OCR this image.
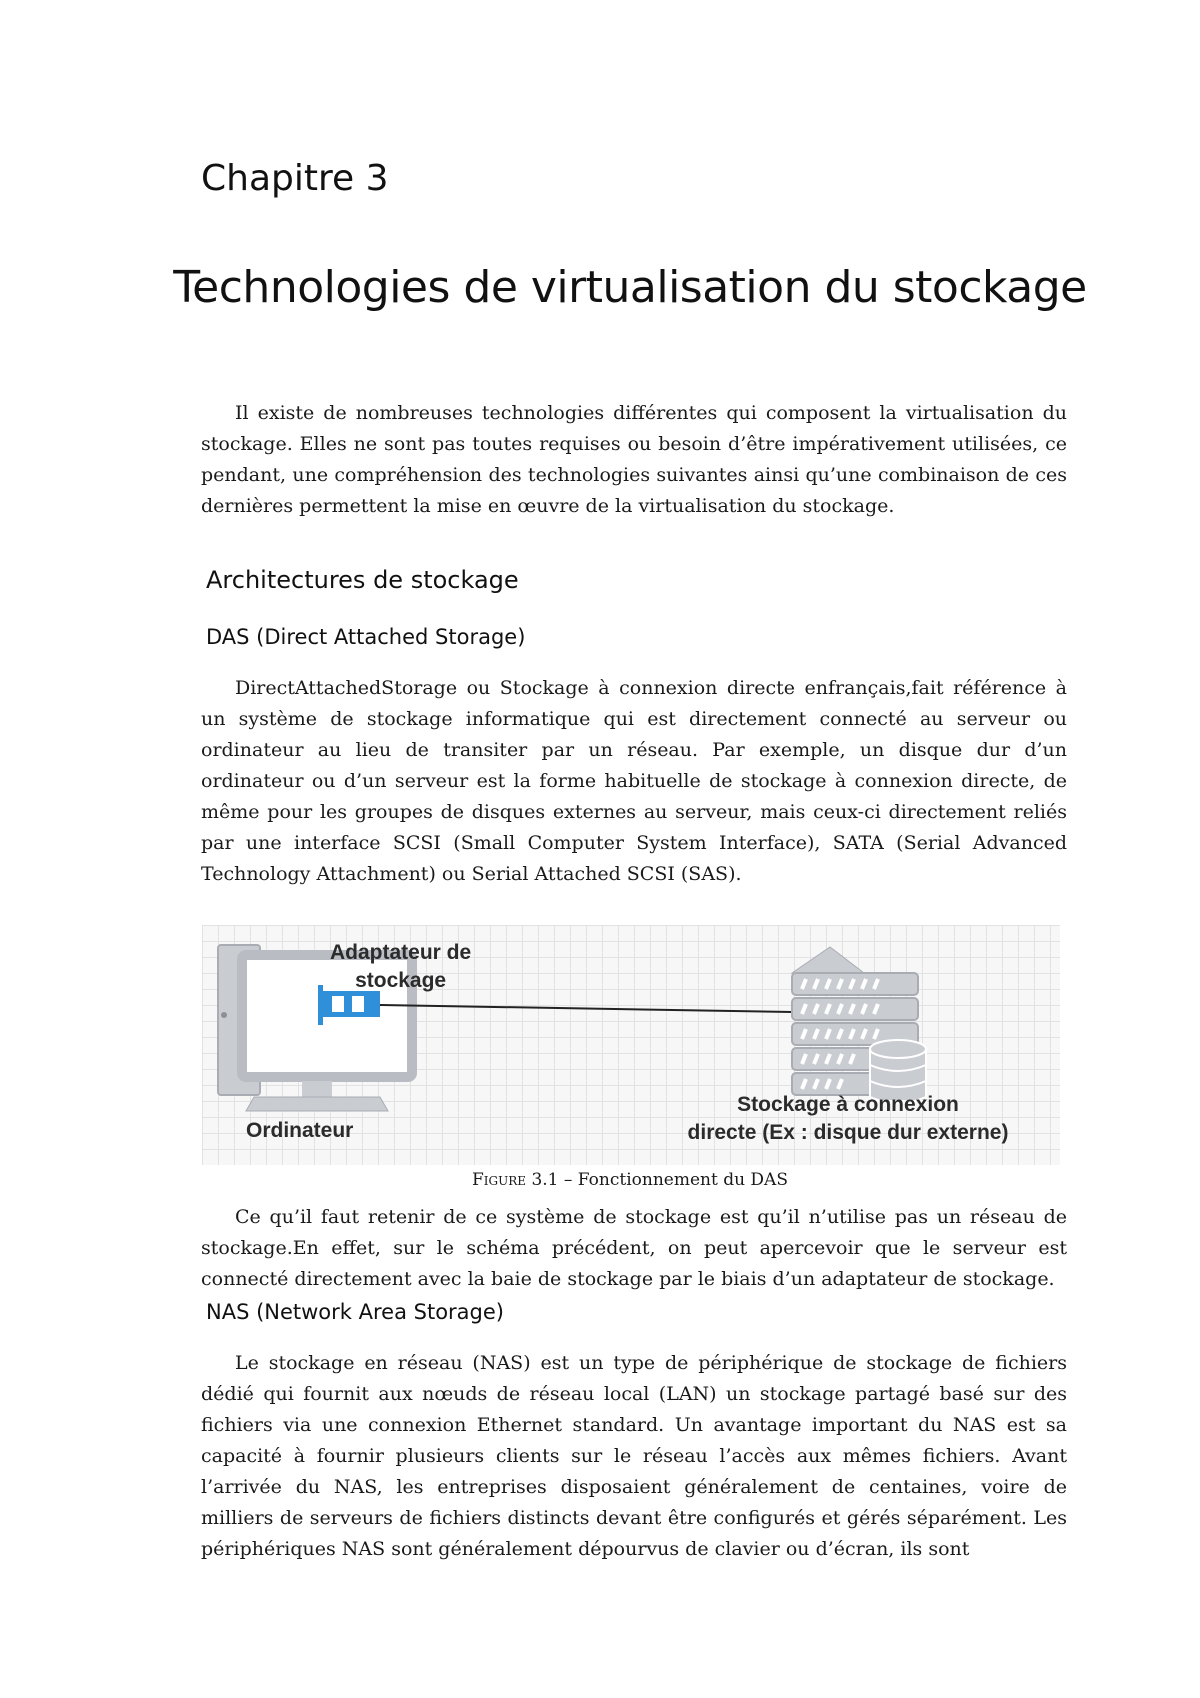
Chapitre 3
Technologies de virtualisation du stockage

Il existe de nombreuses technologies différentes qui composent la virtualisation du stockage. Elles ne sont pas toutes requises ou besoin d’être impérativement utilisées, ce pendant, une compréhension des technologies suivantes ainsi qu’une combinaison de ces dernières permettent la mise en œuvre de la virtualisation du stockage.

Architectures de stockage
DAS (Direct Attached Storage)

DirectAttachedStorage ou Stockage à connexion directe enfrançais,fait référence à un système de stockage informatique qui est directement connecté au serveur ou ordinateur au lieu de transiter par un réseau. Par exemple, un disque dur d’un ordinateur ou d’un serveur est la forme habituelle de stockage à connexion directe, de même pour les groupes de disques externes au serveur, mais ceux-ci directement reliés par une interface SCSI (Small Computer System Interface), SATA (Serial Advanced Technology Attachment) ou Serial Attached SCSI (SAS).

Adaptateur de
stockage
Ordinateur
Stockage à connexion
directe (Ex : disque dur externe)
Figure 3.1 – Fonctionnement du DAS

Ce qu’il faut retenir de ce système de stockage est qu’il n’utilise pas un réseau de stockage.En effet, sur le schéma précédent, on peut apercevoir que le serveur est connecté directement avec la baie de stockage par le biais d’un adaptateur de stockage.

NAS (Network Area Storage)

Le stockage en réseau (NAS) est un type de périphérique de stockage de fichiers dédié qui fournit aux nœuds de réseau local (LAN) un stockage partagé basé sur des fichiers via une connexion Ethernet standard. Un avantage important du NAS est sa capacité à fournir plusieurs clients sur le réseau l’accès aux mêmes fichiers. Avant l’arrivée du NAS, les entreprises disposaient généralement de centaines, voire de milliers de serveurs de fichiers distincts devant être configurés et gérés séparément. Les périphériques NAS sont généralement dépourvus de clavier ou d’écran, ils sont
